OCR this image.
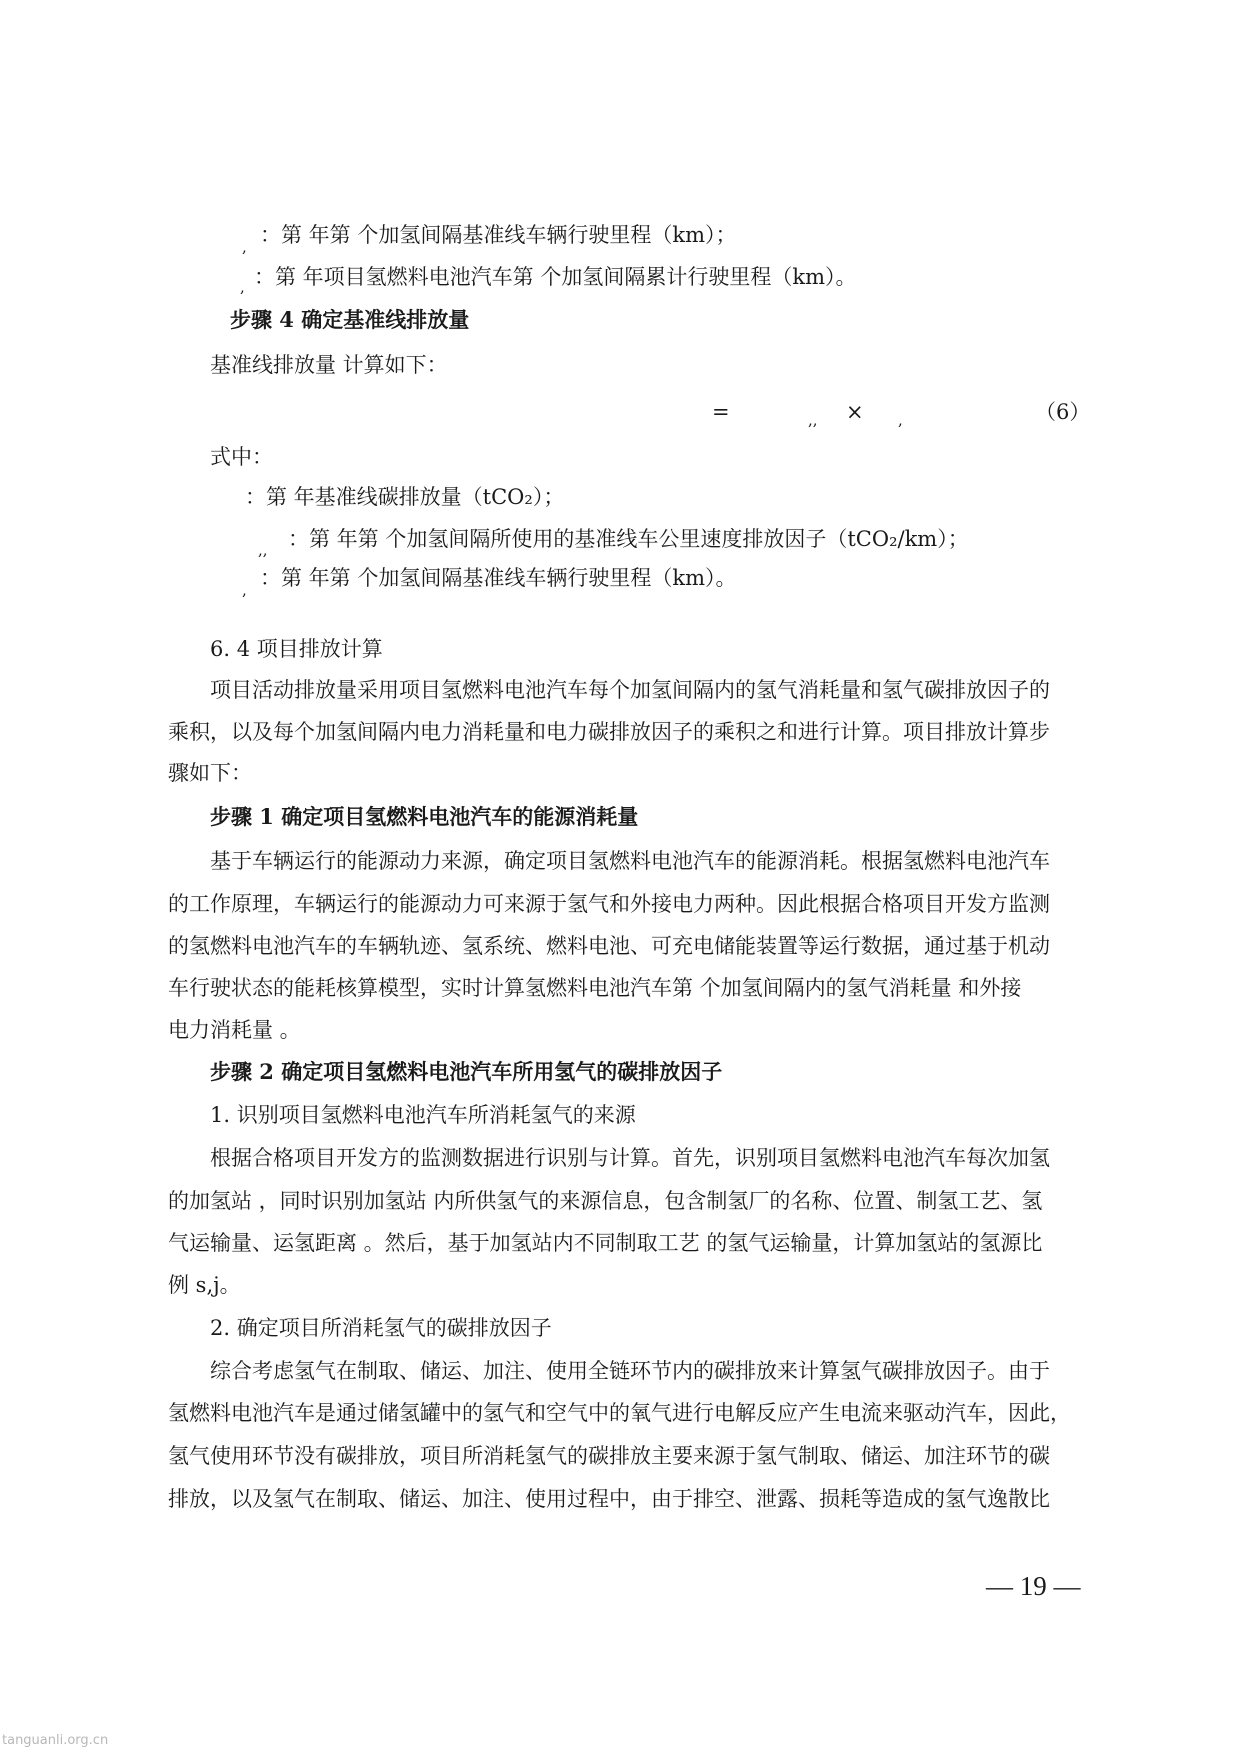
, ：第 年第 个加氢间隔基准线车辆行驶里程（km）；
, ：第 年项目氢燃料电池汽车第 个加氢间隔累计行驶里程（km）。
步骤 4 确定基准线排放量
基准线排放量 计算如下：
=	,, × ,	（6）
式中：
：第 年基准线碳排放量（tCO₂）；
,, ：第 年第 个加氢间隔所使用的基准线车公里速度排放因子（tCO₂/km）；
, ：第 年第 个加氢间隔基准线车辆行驶里程（km）。
6. 4 项目排放计算
项目活动排放量采用项目氢燃料电池汽车每个加氢间隔内的氢气消耗量和氢气碳排放因子的
乘积，以及每个加氢间隔内电力消耗量和电力碳排放因子的乘积之和进行计算。项目排放计算步
骤如下：
步骤 1 确定项目氢燃料电池汽车的能源消耗量
基于车辆运行的能源动力来源，确定项目氢燃料电池汽车的能源消耗。根据氢燃料电池汽车
的工作原理，车辆运行的能源动力可来源于氢气和外接电力两种。因此根据合格项目开发方监测
的氢燃料电池汽车的车辆轨迹、氢系统、燃料电池、可充电储能装置等运行数据，通过基于机动
车行驶状态的能耗核算模型，实时计算氢燃料电池汽车第 个加氢间隔内的氢气消耗量 和外接
电力消耗量 。
步骤 2 确定项目氢燃料电池汽车所用氢气的碳排放因子
1. 识别项目氢燃料电池汽车所消耗氢气的来源
根据合格项目开发方的监测数据进行识别与计算。首先，识别项目氢燃料电池汽车每次加氢
的加氢站 ，同时识别加氢站 内所供氢气的来源信息，包含制氢厂的名称、位置、制氢工艺、氢
气运输量、运氢距离 。然后，基于加氢站内不同制取工艺 的氢气运输量，计算加氢站的氢源比
例 s,j。
2. 确定项目所消耗氢气的碳排放因子
综合考虑氢气在制取、储运、加注、使用全链环节内的碳排放来计算氢气碳排放因子。由于
氢燃料电池汽车是通过储氢罐中的氢气和空气中的氧气进行电解反应产生电流来驱动汽车，因此，
氢气使用环节没有碳排放，项目所消耗氢气的碳排放主要来源于氢气制取、储运、加注环节的碳
排放，以及氢气在制取、储运、加注、使用过程中，由于排空、泄露、损耗等造成的氢气逸散比
— 19 —
tanguanli.org.cn
